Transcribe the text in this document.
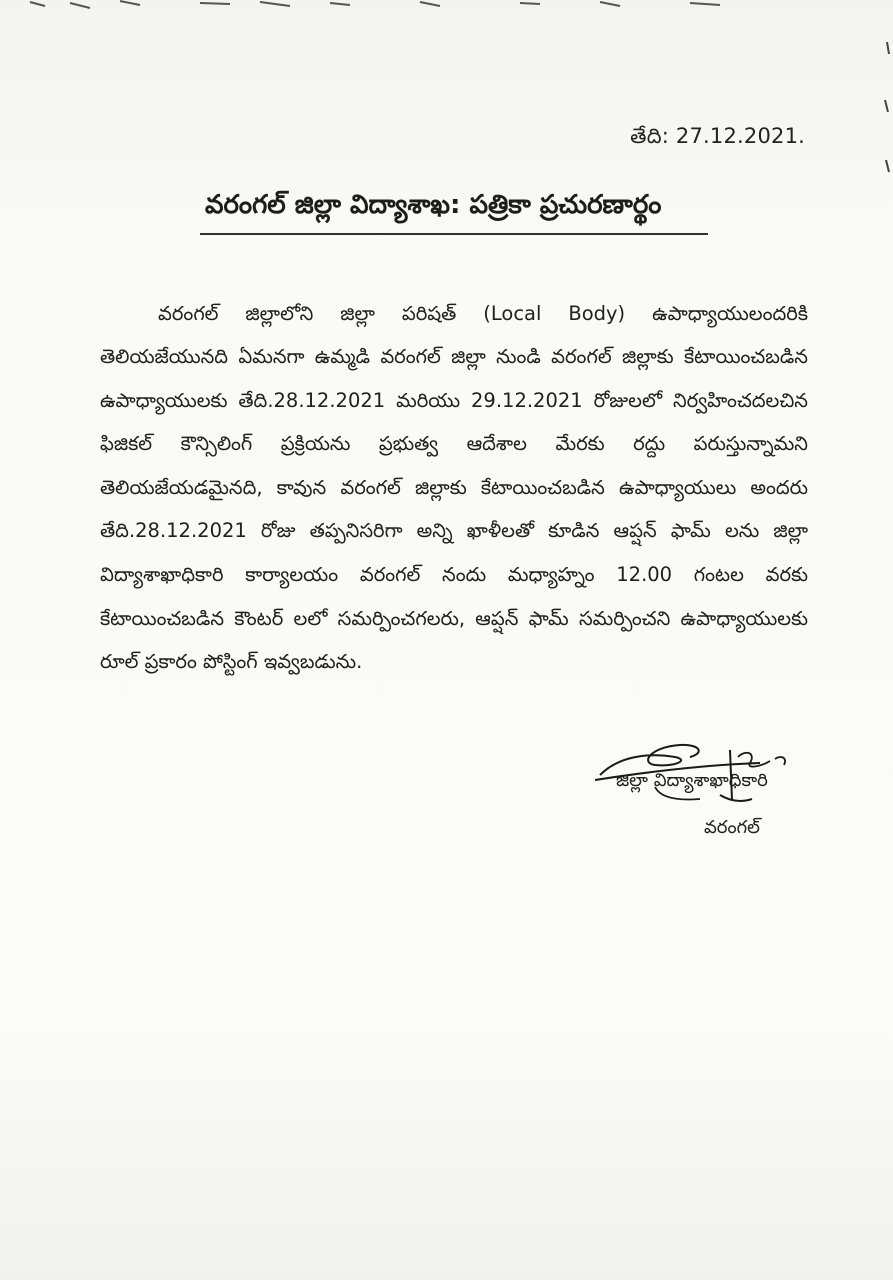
తేది: 27.12.2021.
వరంగల్ జిల్లా విద్యాశాఖ: పత్రికా ప్రచురణార్థం

వరంగల్ జిల్లాలోని జిల్లా పరిషత్ (Local Body) ఉపాధ్యాయులందరికి తెలియజేయునది ఏమనగా ఉమ్మడి వరంగల్ జిల్లా నుండి వరంగల్ జిల్లాకు కేటాయించబడిన ఉపాధ్యాయులకు తేది.28.12.2021 మరియు 29.12.2021 రోజులలో నిర్వహించదలచిన ఫిజికల్ కౌన్సిలింగ్ ప్రక్రియను ప్రభుత్వ ఆదేశాల మేరకు రద్దు పరుస్తున్నామని తెలియజేయడమైనది, కావున వరంగల్ జిల్లాకు కేటాయించబడిన ఉపాధ్యాయులు అందరు తేది.28.12.2021 రోజు తప్పనిసరిగా అన్ని ఖాళీలతో కూడిన ఆప్షన్ ఫామ్ లను జిల్లా విద్యాశాఖాధికారి కార్యాలయం వరంగల్ నందు మధ్యాహ్నం 12.00 గంటల వరకు కేటాయించబడిన కౌంటర్ లలో సమర్పించగలరు, ఆప్షన్ ఫామ్ సమర్పించని ఉపాధ్యాయులకు రూల్ ప్రకారం పోస్టింగ్ ఇవ్వబడును.

జిల్లా విద్యాశాఖాధికారి
వరంగల్
